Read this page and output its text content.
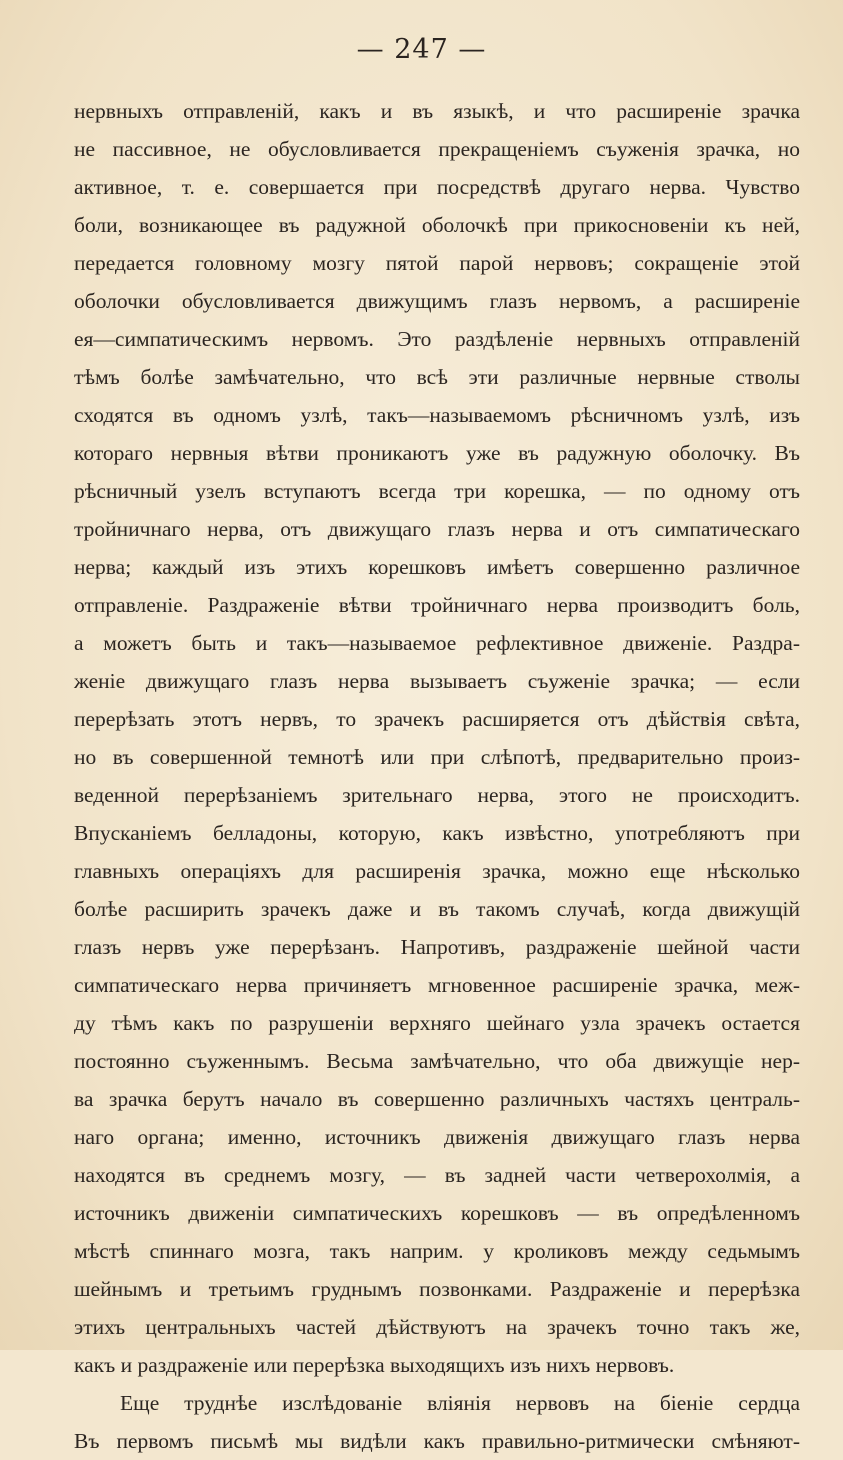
— 247 —
нервныхъ отправленій, какъ и въ языкѣ, и что расширеніе зрачка
не пассивное, не обусловливается прекращеніемъ съуженія зрачка, но
активное, т. е. совершается при посредствѣ другаго нерва. Чувство
боли, возникающее въ радужной оболочкѣ при прикосновеніи къ ней,
передается головному мозгу пятой парой нервовъ; сокращеніе этой
оболочки обусловливается движущимъ глазъ нервомъ, а расширеніе
ея—симпатическимъ нервомъ. Это раздѣленіе нервныхъ отправленій
тѣмъ болѣе замѣчательно, что всѣ эти различные нервные стволы
сходятся въ одномъ узлѣ, такъ—называемомъ рѣсничномъ узлѣ, изъ
котораго нервныя вѣтви проникаютъ уже въ радужную оболочку. Въ
рѣсничный узелъ вступаютъ всегда три корешка, — по одному отъ
тройничнаго нерва, отъ движущаго глазъ нерва и отъ симпатическаго
нерва; каждый изъ этихъ корешковъ имѣетъ совершенно различное
отправленіе. Раздраженіе вѣтви тройничнаго нерва производитъ боль,
а можетъ быть и такъ—называемое рефлективное движеніе. Раздра-
женіе движущаго глазъ нерва вызываетъ съуженіе зрачка; — если
перерѣзать этотъ нервъ, то зрачекъ расширяется отъ дѣйствія свѣта,
но въ совершенной темнотѣ или при слѣпотѣ, предварительно произ-
веденной перерѣзаніемъ зрительнаго нерва, этого не происходитъ.
Впусканіемъ белладоны, которую, какъ извѣстно, употребляютъ при
главныхъ операціяхъ для расширенія зрачка, можно еще нѣсколько
болѣе расширить зрачекъ даже и въ такомъ случаѣ, когда движущій
глазъ нервъ уже перерѣзанъ. Напротивъ, раздраженіе шейной части
симпатическаго нерва причиняетъ мгновенное расширеніе зрачка, меж-
ду тѣмъ какъ по разрушеніи верхняго шейнаго узла зрачекъ остается
постоянно съуженнымъ. Весьма замѣчательно, что оба движущіе нер-
ва зрачка берутъ начало въ совершенно различныхъ частяхъ централь-
наго органа; именно, источникъ движенія движущаго глазъ нерва
находятся въ среднемъ мозгу, — въ задней части четверохолмія, а
источникъ движеніи симпатическихъ корешковъ — въ опредѣленномъ
мѣстѣ спиннаго мозга, такъ наприм. у кроликовъ между седьмымъ
шейнымъ и третьимъ груднымъ позвонками. Раздраженіе и перерѣзка
этихъ центральныхъ частей дѣйствуютъ на зрачекъ точно такъ же,
какъ и раздраженіе или перерѣзка выходящихъ изъ нихъ нервовъ.
Еще труднѣе изслѣдованіе вліянія нервовъ на біеніе сердца
Въ первомъ письмѣ мы видѣли какъ правильно-ритмически смѣняют-
